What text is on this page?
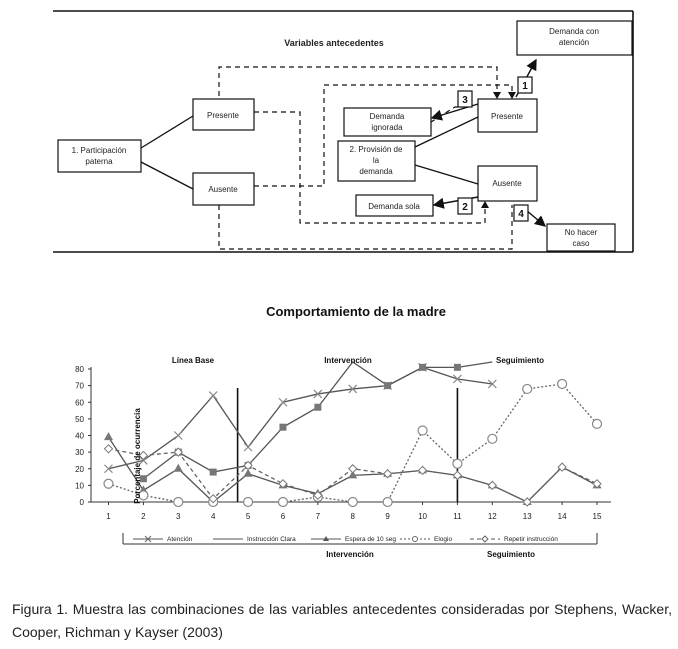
Variables antecedentes
1. Participación
paterna
Presente
Ausente
2. Provisión de
la
demanda
Presente
Ausente
Demanda
ignorada
Demanda sola
Demanda con
atención
No hacer
caso
1
2
3
4
Comportamiento de la madre
0
10
20
30
40
50
60
70
80
1	2	3	4	5	6	7	8	9	10	11	12	13	14	15
Porcentaje de ocurrencia
Línea Base	Intervención	Seguimiento
Atención	Instrucción Clara	Espera de 10 seg	Elogio	Repetir instrucción
Intervención	Seguimiento

Figura 1. Muestra las combinaciones de las variables antecedentes consideradas por Stephens, Wacker, Cooper, Richman y Kayser (2003)
